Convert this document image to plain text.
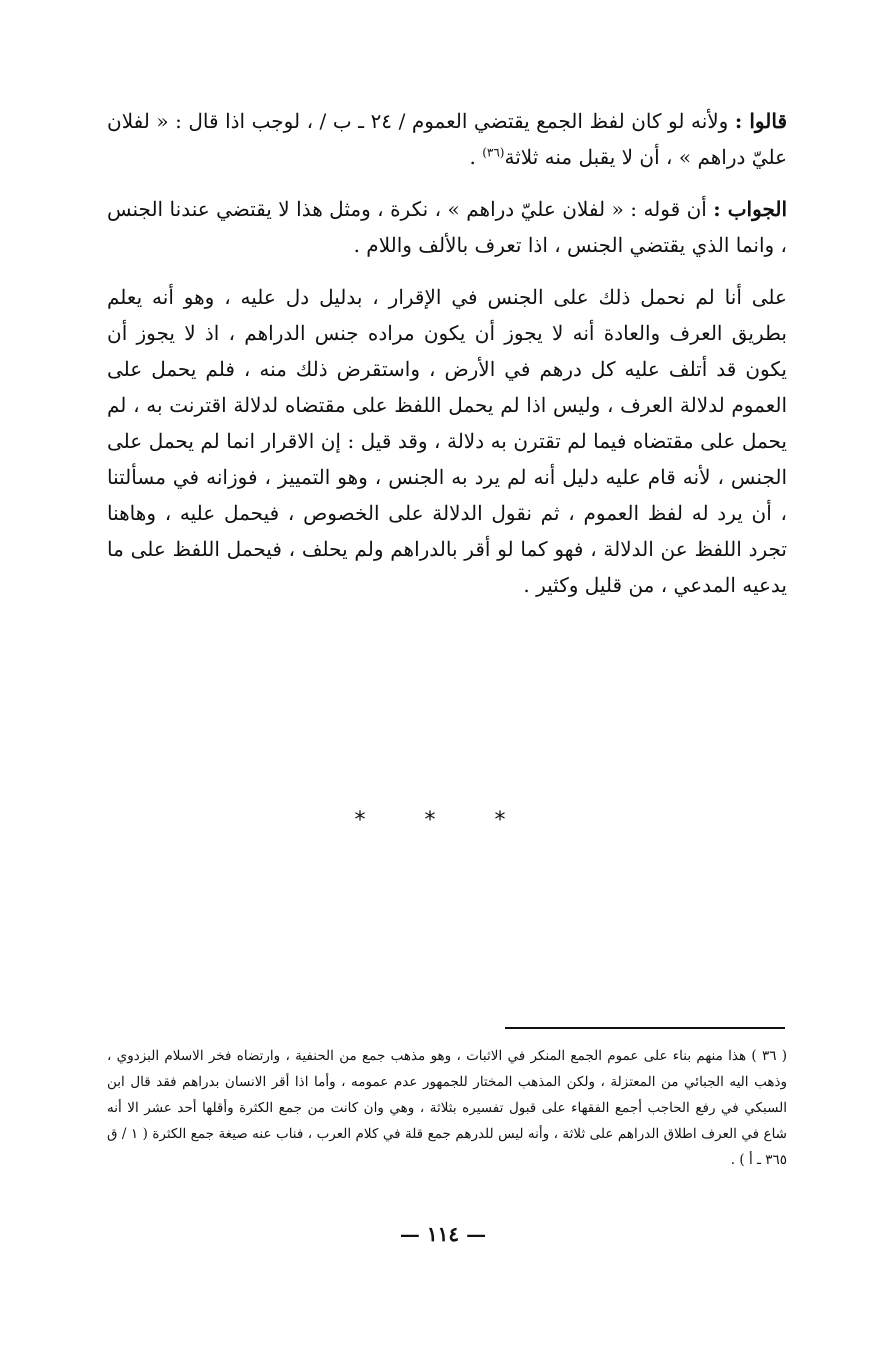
قالوا : ولأنه لو كان لفظ الجمع يقتضي العموم / ٢٤ ـ ب / ، لوجب اذا قال : « لفلان عليّ دراهم » ، أن لا يقبل منه ثلاثة$^{(٣٦)}$ .

الجواب : أن قوله : « لفلان عليّ دراهم » ، نكرة ، ومثل هذا لا يقتضي عندنا الجنس ، وانما الذي يقتضي الجنس ، اذا تعرف بالألف واللام .

على أنا لم نحمل ذلك على الجنس في الإقرار ، بدليل دل عليه ، وهو أنه يعلم بطريق العرف والعادة أنه لا يجوز أن يكون مراده جنس الدراهم ، اذ لا يجوز أن يكون قد أتلف عليه كل درهم في الأرض ، واستقرض ذلك منه ، فلم يحمل على العموم لدلالة العرف ، وليس اذا لم يحمل اللفظ على مقتضاه لدلالة اقترنت به ، لم يحمل على مقتضاه فيما لم تقترن به دلالة ، وقد قيل : إن الاقرار انما لم يحمل على الجنس ، لأنه قام عليه دليل أنه لم يرد به الجنس ، وهو التمييز ، فوزانه في مسألتنا ، أن يرد له لفظ العموم ، ثم نقول الدلالة على الخصوص ، فيحمل عليه ، وهاهنا تجرد اللفظ عن الدلالة ، فهو كما لو أقر بالدراهم ولم يحلف ، فيحمل اللفظ على ما يدعيه المدعي ، من قليل وكثير .

* * *

( ٣٦ ) هذا منهم بناء على عموم الجمع المنكر في الاثبات ، وهو مذهب جمع من الحنفية ، وارتضاه فخر الاسلام البزدوي ، وذهب اليه الجبائي من المعتزلة ، ولكن المذهب المختار للجمهور عدم عمومه ، وأما اذا أقر الانسان بدراهم فقد قال ابن السبكي في رفع الحاجب أجمع الفقهاء على قبول تفسيره بثلاثة ، وهي وان كانت من جمع الكثرة وأقلها أحد عشر الا أنه شاع في العرف اطلاق الدراهم على ثلاثة ، وأنه ليس للدرهم جمع قلة في كلام العرب ، فناب عنه صيغة جمع الكثرة ( ١ / ق ٣٦٥ ـ أ ) .

— ١١٤ —
